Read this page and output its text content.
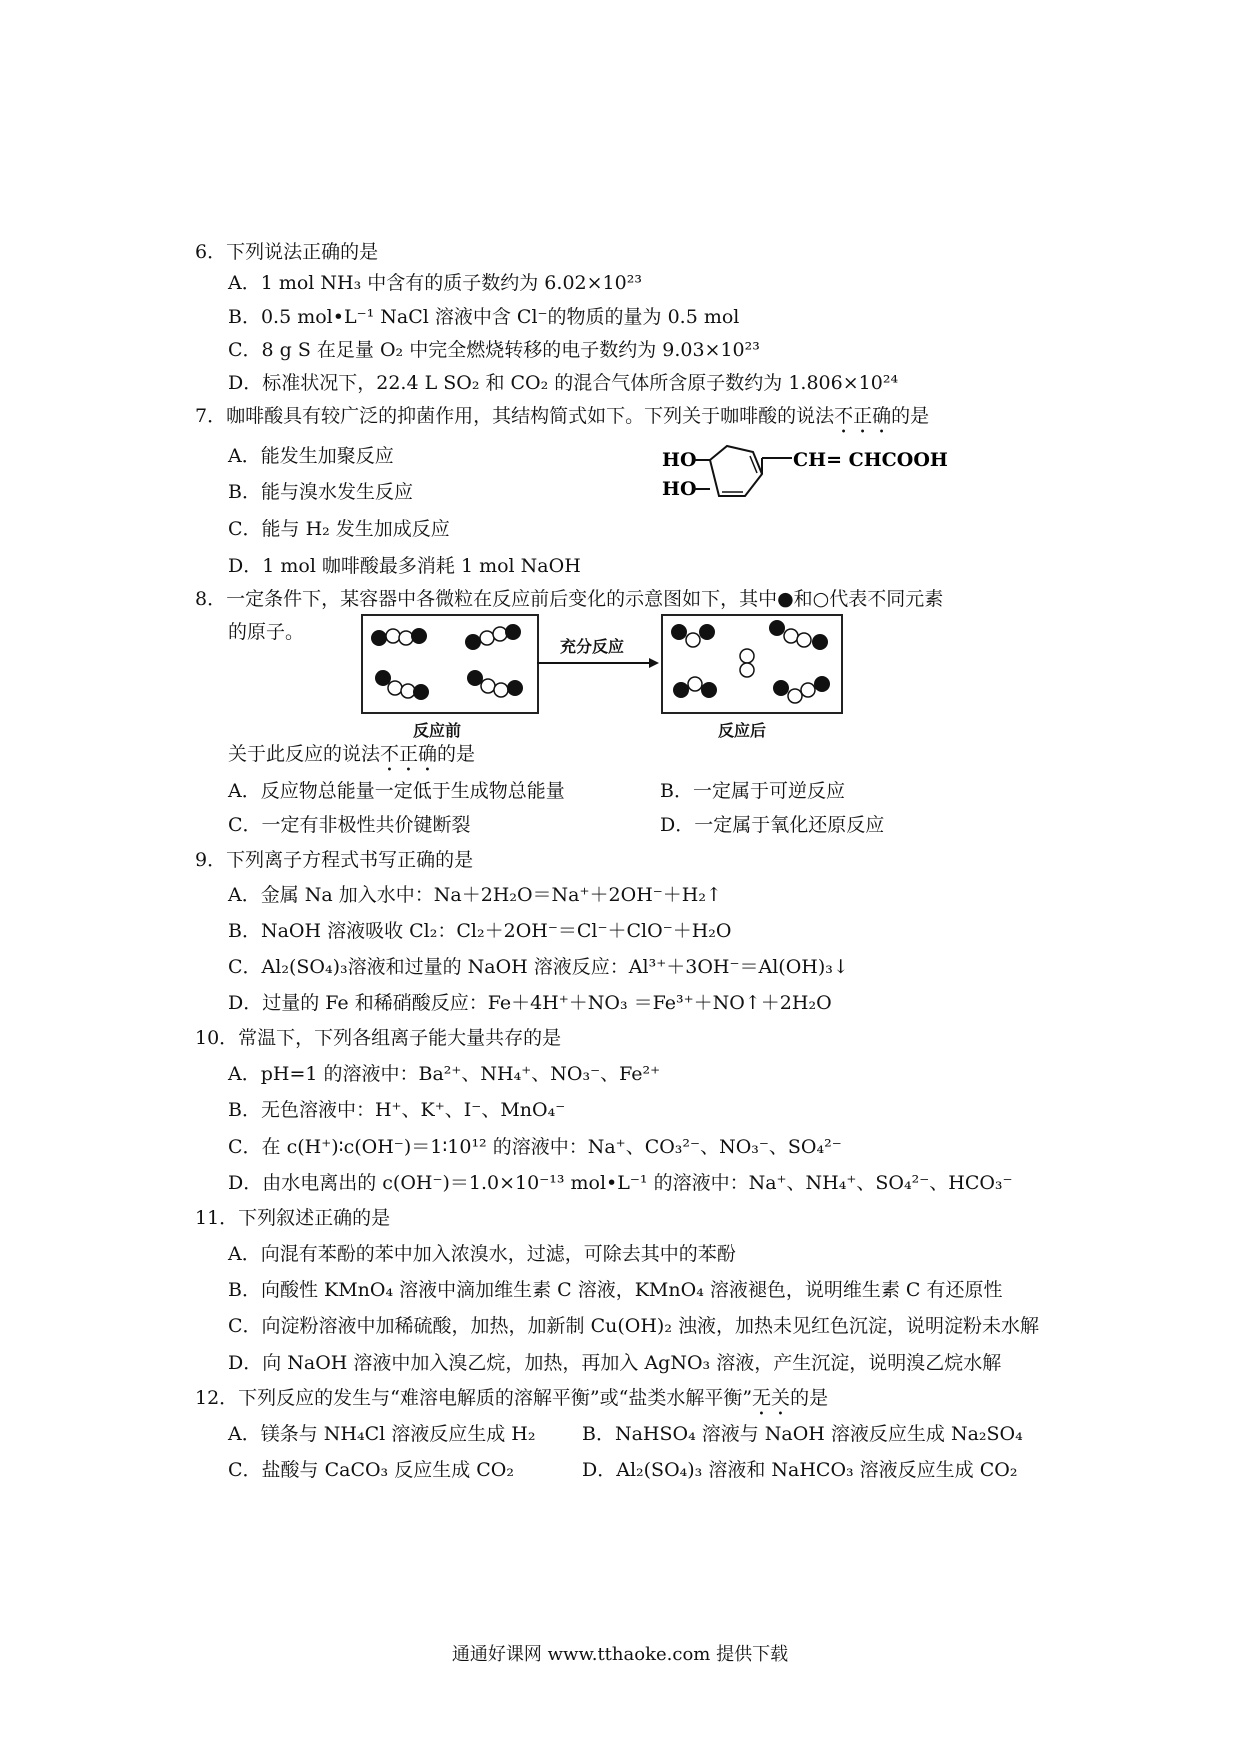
6．下列说法正确的是
A．1 mol NH₃ 中含有的质子数约为 6.02×10²³
B．0.5 mol•L⁻¹ NaCl 溶液中含 Cl⁻的物质的量为 0.5 mol
C．8 g S 在足量 O₂ 中完全燃烧转移的电子数约为 9.03×10²³
D．标准状况下，22.4 L SO₂ 和 CO₂ 的混合气体所含原子数约为 1.806×10²⁴
7．咖啡酸具有较广泛的抑菌作用，其结构简式如下。下列关于咖啡酸的说法不正确的是
A．能发生加聚反应
B．能与溴水发生反应
C．能与 H₂ 发生加成反应
D．1 mol 咖啡酸最多消耗 1 mol NaOH
HO
HO
CH= CHCOOH
8．一定条件下，某容器中各微粒在反应前后变化的示意图如下，其中●和○代表不同元素
的原子。
充分反应
反应前	反应后
关于此反应的说法不正确的是
A．反应物总能量一定低于生成物总能量	B．一定属于可逆反应
C．一定有非极性共价键断裂	D．一定属于氧化还原反应
9．下列离子方程式书写正确的是
A．金属 Na 加入水中：Na＋2H₂O＝Na⁺＋2OH⁻＋H₂↑
B．NaOH 溶液吸收 Cl₂：Cl₂＋2OH⁻＝Cl⁻＋ClO⁻＋H₂O
C．Al₂(SO₄)₃溶液和过量的 NaOH 溶液反应：Al³⁺＋3OH⁻＝Al(OH)₃↓
D．过量的 Fe 和稀硝酸反应：Fe＋4H⁺＋NO₃ ＝Fe³⁺＋NO↑＋2H₂O
10．常温下，下列各组离子能大量共存的是
A．pH=1 的溶液中：Ba²⁺、NH₄⁺、NO₃⁻、Fe²⁺
B．无色溶液中：H⁺、K⁺、I⁻、MnO₄⁻
C．在 c(H⁺)∶c(OH⁻)＝1∶10¹² 的溶液中：Na⁺、CO₃²⁻、NO₃⁻、SO₄²⁻
D．由水电离出的 c(OH⁻)＝1.0×10⁻¹³ mol•L⁻¹ 的溶液中：Na⁺、NH₄⁺、SO₄²⁻、HCO₃⁻
11．下列叙述正确的是
A．向混有苯酚的苯中加入浓溴水，过滤，可除去其中的苯酚
B．向酸性 KMnO₄ 溶液中滴加维生素 C 溶液，KMnO₄ 溶液褪色，说明维生素 C 有还原性
C．向淀粉溶液中加稀硫酸，加热，加新制 Cu(OH)₂ 浊液，加热未见红色沉淀，说明淀粉未水解
D．向 NaOH 溶液中加入溴乙烷，加热，再加入 AgNO₃ 溶液，产生沉淀，说明溴乙烷水解
12．下列反应的发生与“难溶电解质的溶解平衡”或“盐类水解平衡”无关的是
A．镁条与 NH₄Cl 溶液反应生成 H₂ B．NaHSO₄ 溶液与 NaOH 溶液反应生成 Na₂SO₄
C．盐酸与 CaCO₃ 反应生成 CO₂	D．Al₂(SO₄)₃ 溶液和 NaHCO₃ 溶液反应生成 CO₂
通通好课网 www.tthaoke.com 提供下载
